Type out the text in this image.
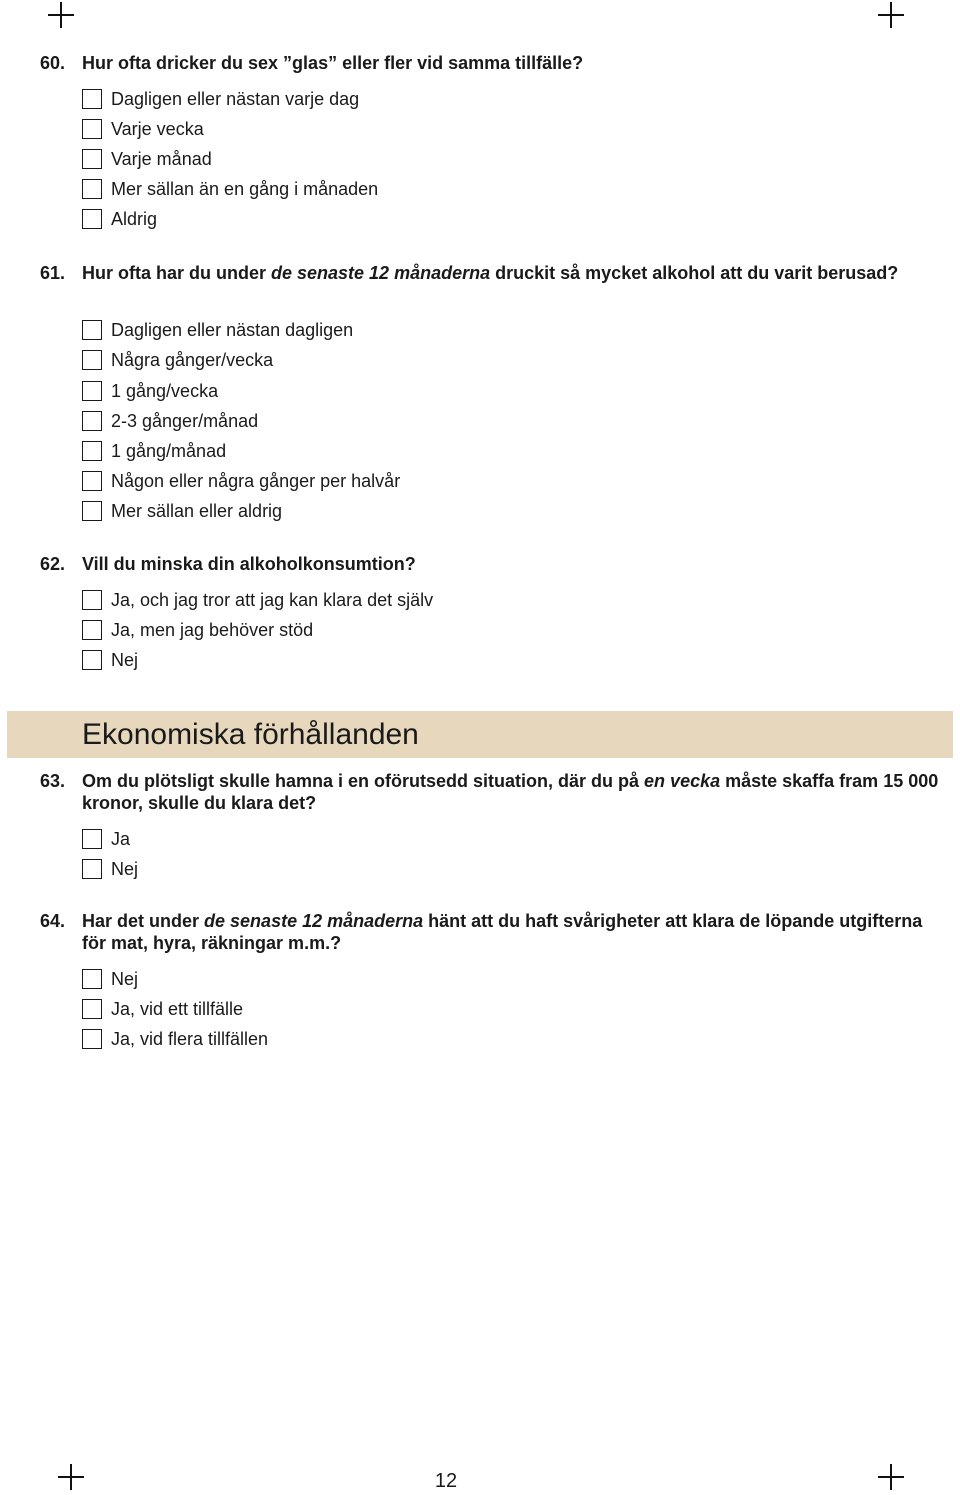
60. Hur ofta dricker du sex ”glas” eller fler vid samma tillfälle?
Dagligen eller nästan varje dag
Varje vecka
Varje månad
Mer sällan än en gång i månaden
Aldrig
61. Hur ofta har du under de senaste 12 månaderna druckit så mycket alkohol att du varit berusad?
Dagligen eller nästan dagligen
Några gånger/vecka
1 gång/vecka
2-3 gånger/månad
1 gång/månad
Någon eller några gånger per halvår
Mer sällan eller aldrig
62. Vill du minska din alkoholkonsumtion?
Ja, och jag tror att jag kan klara det själv
Ja, men jag behöver stöd
Nej
Ekonomiska förhållanden
63. Om du plötsligt skulle hamna i en oförutsedd situation, där du på en vecka måste skaffa fram 15 000 kronor, skulle du klara det?
Ja
Nej
64. Har det under de senaste 12 månaderna hänt att du haft svårigheter att klara de löpande utgifterna för mat, hyra, räkningar m.m.?
Nej
Ja, vid ett tillfälle
Ja, vid flera tillfällen
12
